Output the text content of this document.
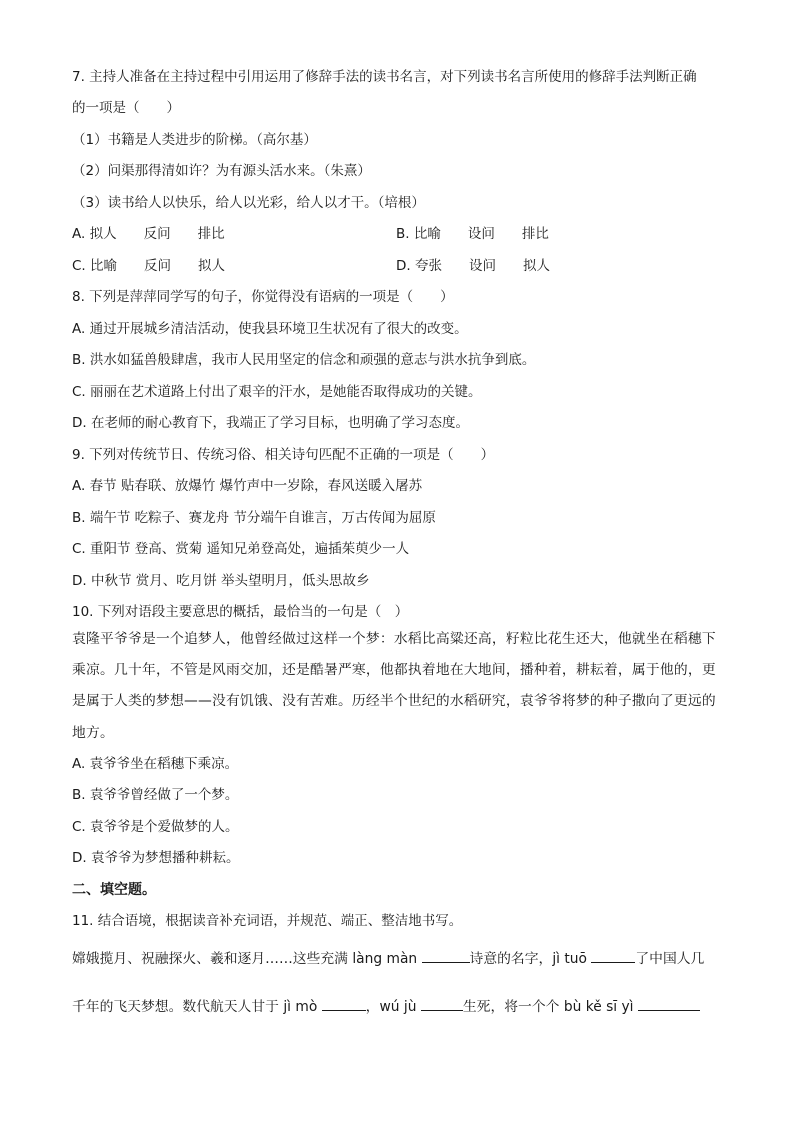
7. 主持人准备在主持过程中引用运用了修辞手法的读书名言，对下列读书名言所使用的修辞手法判断正确

的一项是（　　）

（1）书籍是人类进步的阶梯。（高尔基）

（2）问渠那得清如许？为有源头活水来。（朱熹）

（3）读书给人以快乐，给人以光彩，给人以才干。（培根）

A. 拟人　　反问　　排比	B. 比喻　　设问　　排比
C. 比喻　　反问　　拟人	D. 夸张　　设问　　拟人

8. 下列是萍萍同学写的句子，你觉得没有语病的一项是（　　）

A. 通过开展城乡清洁活动，使我县环境卫生状况有了很大的改变。

B. 洪水如猛兽般肆虐，我市人民用坚定的信念和顽强的意志与洪水抗争到底。

C. 丽丽在艺术道路上付出了艰辛的汗水，是她能否取得成功的关键。

D. 在老师的耐心教育下，我端正了学习目标，也明确了学习态度。

9. 下列对传统节日、传统习俗、相关诗句匹配不正确的一项是（　　）

A. 春节 贴春联、放爆竹 爆竹声中一岁除，春风送暖入屠苏

B. 端午节 吃粽子、赛龙舟 节分端午自谁言，万古传闻为屈原

C. 重阳节 登高、赏菊 遥知兄弟登高处，遍插茱萸少一人

D. 中秋节 赏月、吃月饼 举头望明月，低头思故乡

10. 下列对语段主要意思的概括，最恰当的一句是（　）

袁隆平爷爷是一个追梦人，他曾经做过这样一个梦：水稻比高粱还高，籽粒比花生还大，他就坐在稻穗下
乘凉。几十年，不管是风雨交加，还是酷暑严寒，他都执着地在大地间，播种着，耕耘着，属于他的，更
是属于人类的梦想——没有饥饿、没有苦难。历经半个世纪的水稻研究，袁爷爷将梦的种子撒向了更远的
地方。

A. 袁爷爷坐在稻穗下乘凉。

B. 袁爷爷曾经做了一个梦。

C. 袁爷爷是个爱做梦的人。

D. 袁爷爷为梦想播种耕耘。

二、填空题。

11. 结合语境，根据读音补充词语，并规范、端正、整洁地书写。

嫦娥揽月、祝融探火、羲和逐月……这些充满 làng màn	诗意的名字，jì tuō	了中国人几
千年的飞天梦想。数代航天人甘于 jì mò	，wú jù	生死，将一个个 bù kě sī yì
